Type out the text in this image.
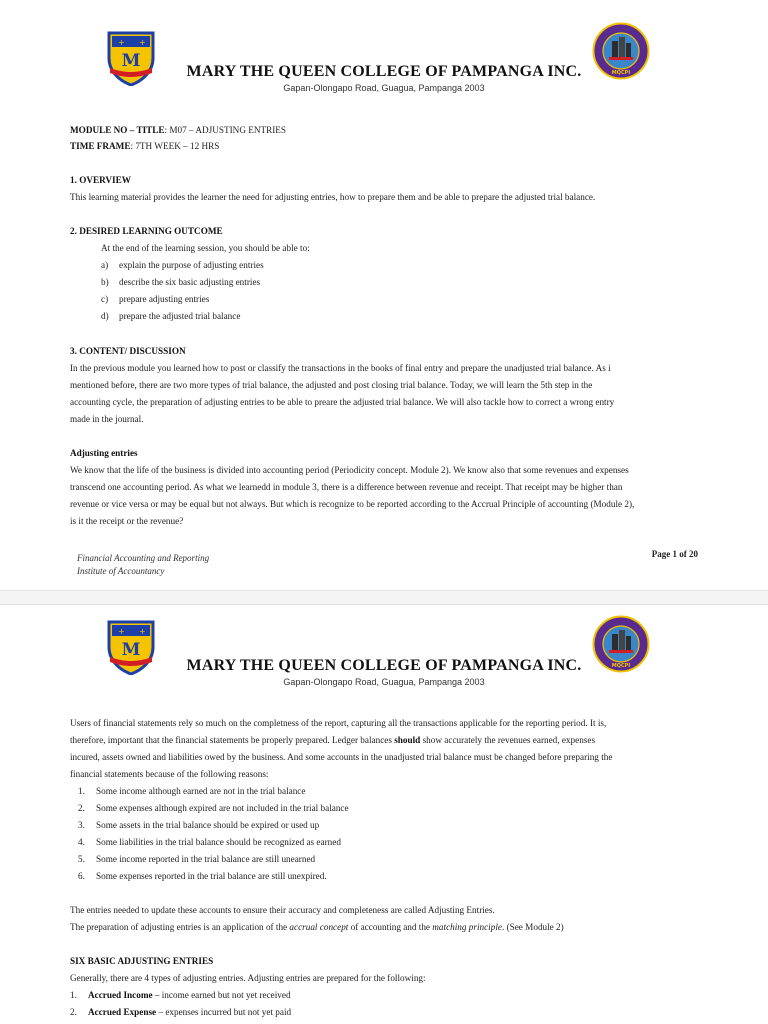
+ +
M
MARY THE QUEEN COLLEGE OF PAMPANGA INC.
Gapan-Olongapo Road, Guagua, Pampanga 2003
MQCPI
MODULE NO – TITLE: M07 – ADJUSTING ENTRIES
TIME FRAME: 7TH WEEK – 12 HRS
1. OVERVIEW
This learning material provides the learner the need for adjusting entries, how to prepare them and be able to prepare the adjusted trial balance.
2. DESIRED LEARNING OUTCOME
At the end of the learning session, you should be able to:
a) explain the purpose of adjusting entries
b) describe the six basic adjusting entries
c) prepare adjusting entries
d) prepare the adjusted trial balance
3. CONTENT/ DISCUSSION
In the previous module you learned how to post or classify the transactions in the books of final entry and prepare the unadjusted trial balance. As i
mentioned before, there are two more types of trial balance, the adjusted and post closing trial balance. Today, we will learn the 5th step in the
accounting cycle, the preparation of adjusting entries to be able to preare the adjusted trial balance. We will also tackle how to correct a wrong entry
made in the journal.
Adjusting entries
We know that the life of the business is divided into accounting period (Periodicity concept. Module 2). We know also that some revenues and expenses
transcend one accounting period. As what we learnedd in module 3, there is a difference between revenue and receipt. That receipt may be higher than
revenue or vice versa or may be equal but not always. But which is recognize to be reported according to the Accrual Principle of accounting (Module 2),
is it the receipt or the revenue?
Financial Accounting and Reporting
Institute of Accountancy
Page 1 of 20
+ +
M
MARY THE QUEEN COLLEGE OF PAMPANGA INC.
Gapan-Olongapo Road, Guagua, Pampanga 2003
MQCPI
Users of financial statements rely so much on the completness of the report, capturing all the transactions applicable for the reporting period. It is,
therefore, important that the financial statements be properly prepared. Ledger balances should show accurately the revenues earned, expenses
incured, assets owned and liabilities owed by the business. And some accounts in the unadjusted trial balance must be changed before preparing the
financial statements because of the following reasons:
1. Some income although earned are not in the trial balance
2. Some expenses although expired are not included in the trial balance
3. Some assets in the trial balance should be expired or used up
4. Some liabilities in the trial balance should be recognized as earned
5. Some income reported in the trial balance are still unearned
6. Some expenses reported in the trial balance are still unexpired.
The entries needed to update these accounts to ensure their accuracy and completeness are called Adjusting Entries.
The preparation of adjusting entries is an application of the accrual concept of accounting and the matching principle. (See Module 2)
SIX BASIC ADJUSTING ENTRIES
Generally, there are 4 types of adjusting entries. Adjusting entries are prepared for the following:
1. Accrued Income – income earned but not yet received
2. Accrued Expense – expenses incurred but not yet paid
